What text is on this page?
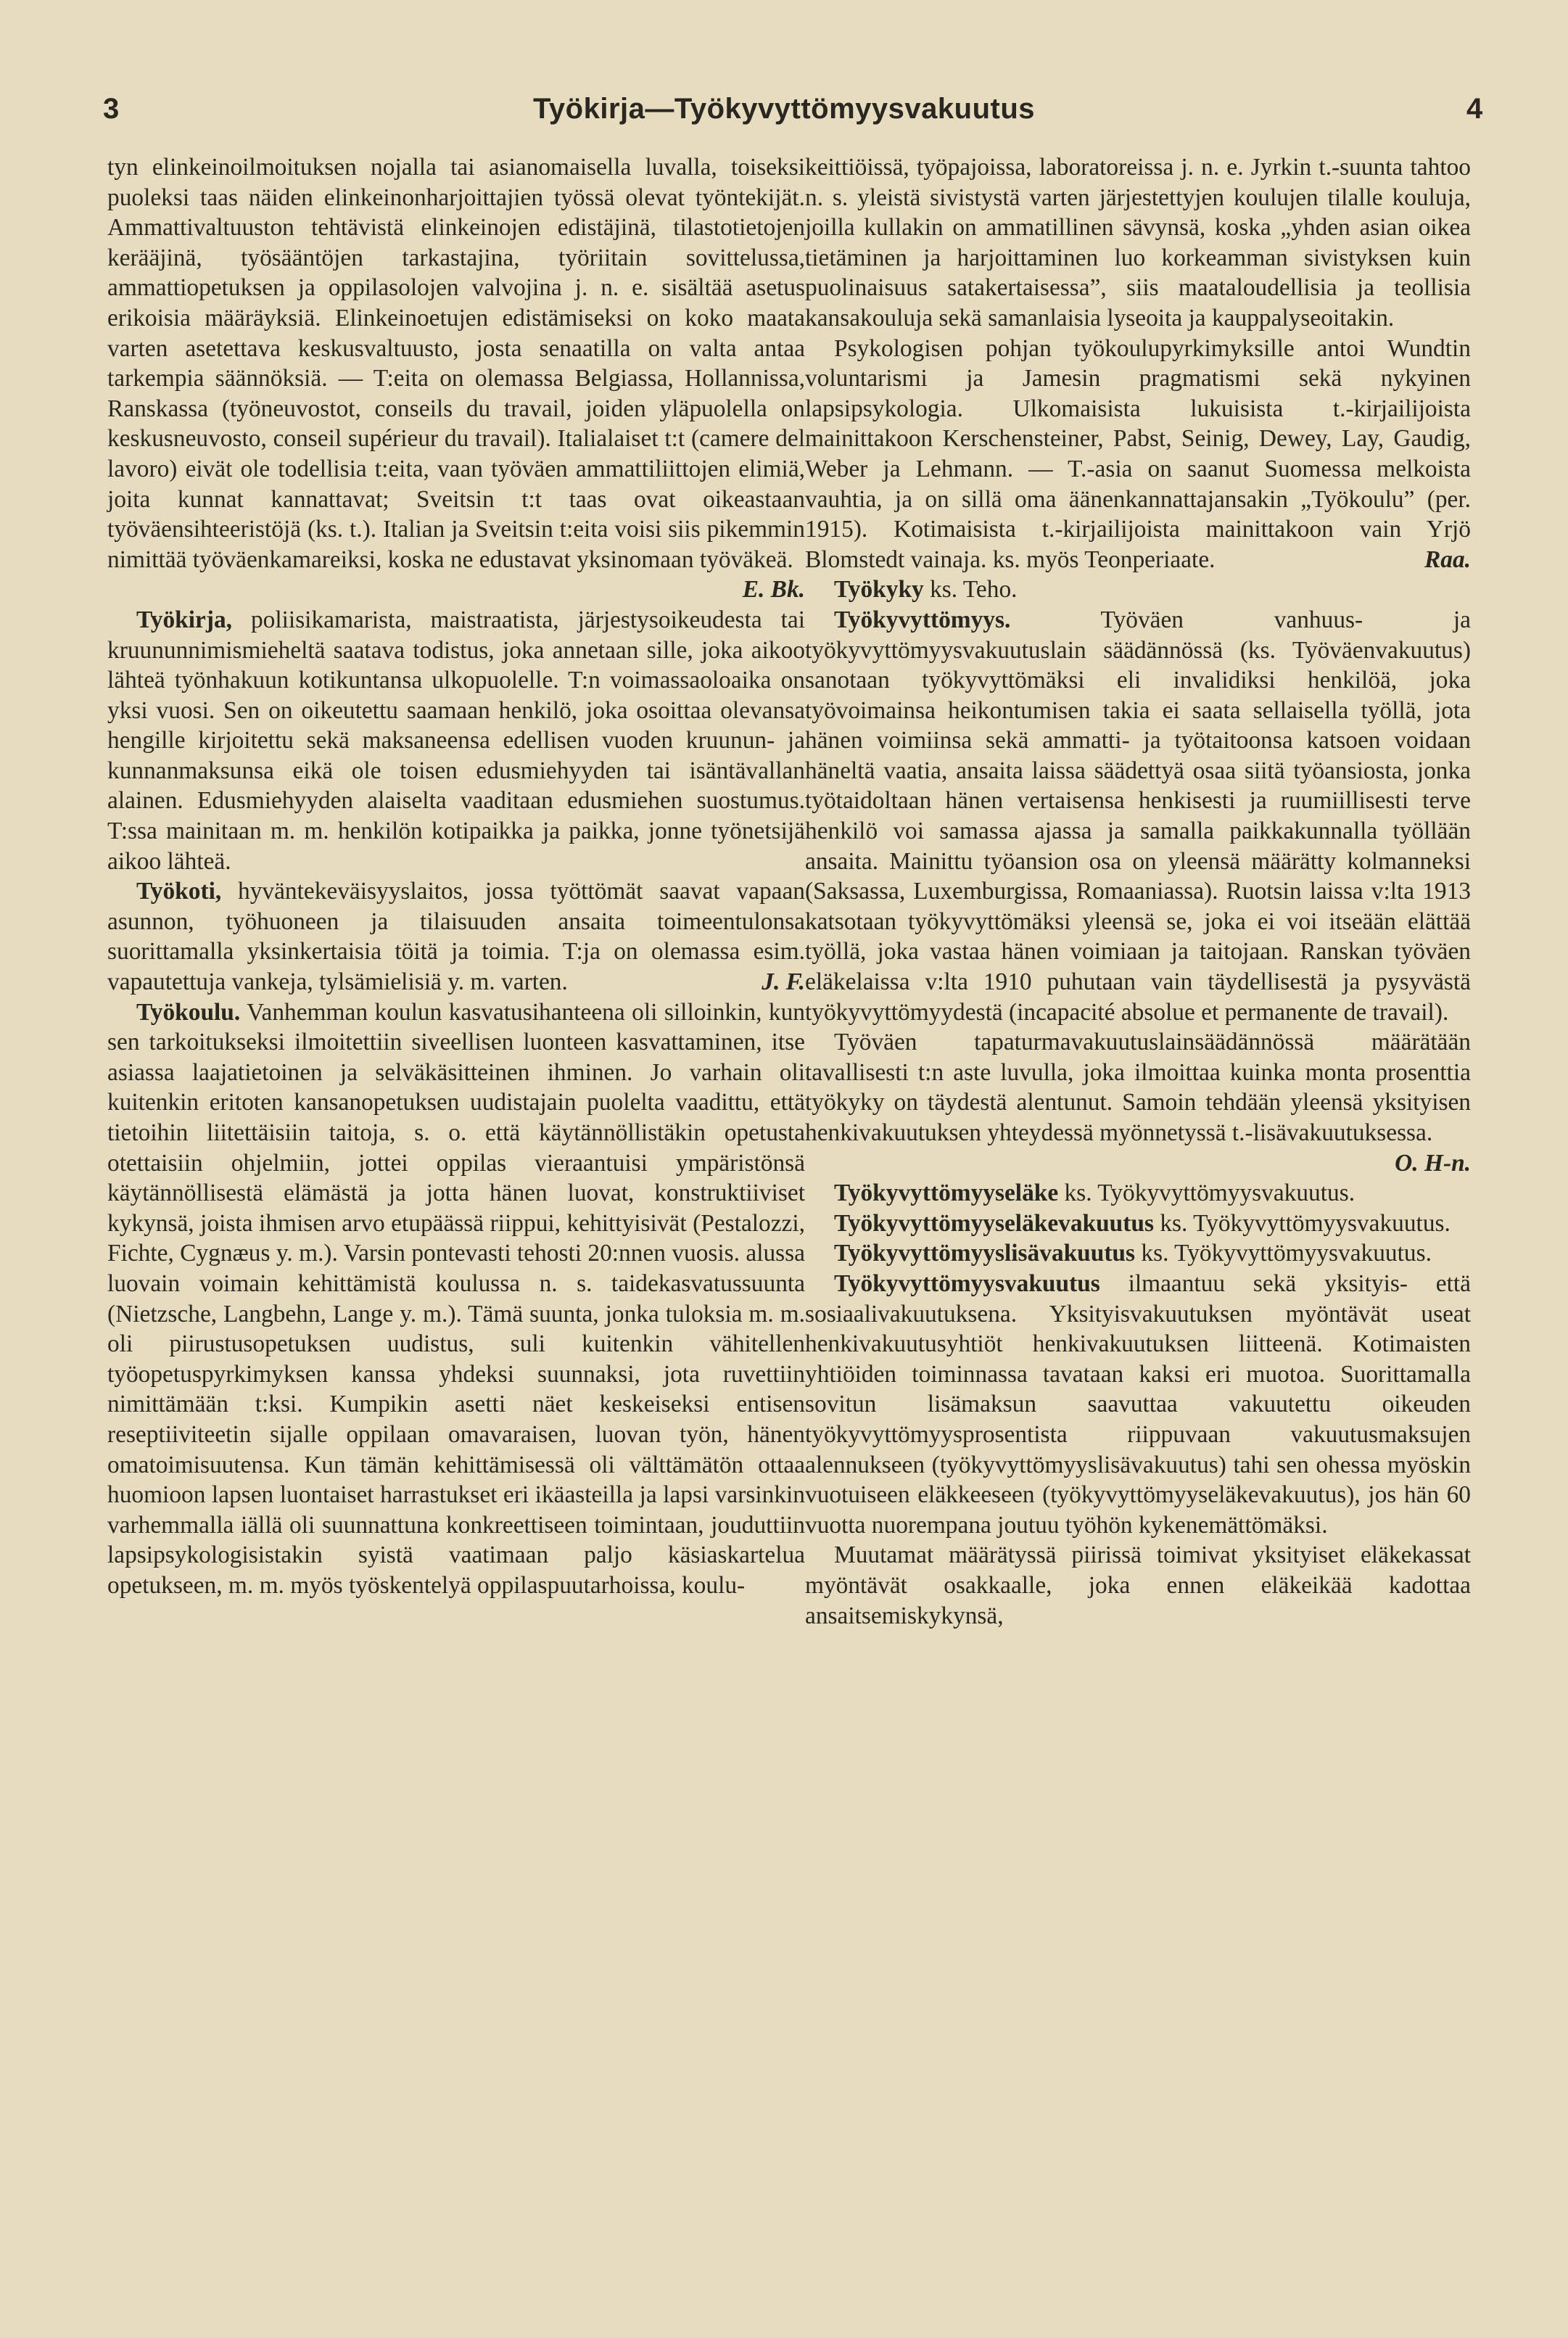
3	Työkirja—Työkyvyttömyysvakuutus	4

tyn elinkeinoilmoituksen nojalla tai asianomaisella luvalla, toiseksi puoleksi taas näiden elinkeinonharjoittajien työssä olevat työntekijät. Ammattivaltuuston tehtävistä elinkeinojen edistäjinä, tilastotietojen kerääjinä, työsääntöjen tarkastajina, työriitain sovittelussa, ammattiopetuksen ja oppilasolojen valvojina j. n. e. sisältää asetus erikoisia määräyksiä. Elinkeinoetujen edistämiseksi on koko maata varten asetettava keskusvaltuusto, josta senaatilla on valta antaa tarkempia säännöksiä. — T:eita on olemassa Belgiassa, Hollannissa, Ranskassa (työneuvostot, conseils du travail, joiden yläpuolella on keskusneuvosto, conseil supérieur du travail). Italialaiset t:t (camere del lavoro) eivät ole todellisia t:eita, vaan työväen ammattiliittojen elimiä, joita kunnat kannattavat; Sveitsin t:t taas ovat oikeastaan työväensihteeristöjä (ks. t.). Italian ja Sveitsin t:eita voisi siis pikemmin nimittää työväenkamareiksi, koska ne edustavat yksinomaan työväkeä.
E. Bk.

Työkirja, poliisikamarista, maistraatista, järjestysoikeudesta tai kruununnimismieheltä saatava todistus, joka annetaan sille, joka aikoo lähteä työnhakuun kotikuntansa ulkopuolelle. T:n voimassaoloaika on yksi vuosi. Sen on oikeutettu saamaan henkilö, joka osoittaa olevansa hengille kirjoitettu sekä maksaneensa edellisen vuoden kruunun- ja kunnanmaksunsa eikä ole toisen edusmiehyyden tai isäntävallan alainen. Edusmiehyyden alaiselta vaaditaan edusmiehen suostumus. T:ssa mainitaan m. m. henkilön kotipaikka ja paikka, jonne työnetsijä aikoo lähteä.

Työkoti, hyväntekeväisyyslaitos, jossa työttömät saavat vapaan asunnon, työhuoneen ja tilaisuuden ansaita toimeentulonsa suorittamalla yksinkertaisia töitä ja toimia. T:ja on olemassa esim. vapautettuja vankeja, tylsämielisiä y. m. varten.	J. F.

Työkoulu. Vanhemman koulun kasvatusihanteena oli silloinkin, kun sen tarkoitukseksi ilmoitettiin siveellisen luonteen kasvattaminen, itse asiassa laajatietoinen ja selväkäsitteinen ihminen. Jo varhain oli kuitenkin eritoten kansanopetuksen uudistajain puolelta vaadittu, että tietoihin liitettäisiin taitoja, s. o. että käytännöllistäkin opetusta otettaisiin ohjelmiin, jottei oppilas vieraantuisi ympäristönsä käytännöllisestä elämästä ja jotta hänen luovat, konstruktiiviset kykynsä, joista ihmisen arvo etupäässä riippui, kehittyisivät (Pestalozzi, Fichte, Cygnæus y. m.). Varsin pontevasti tehosti 20:nnen vuosis. alussa luovain voimain kehittämistä koulussa n. s. taidekasvatussuunta (Nietzsche, Langbehn, Lange y. m.). Tämä suunta, jonka tuloksia m. m. oli piirustusopetuksen uudistus, suli kuitenkin vähitellen työopetuspyrkimyksen kanssa yhdeksi suunnaksi, jota ruvettiin nimittämään t:ksi. Kumpikin asetti näet keskeiseksi entisen reseptiiviteetin sijalle oppilaan omavaraisen, luovan työn, hänen omatoimisuutensa. Kun tämän kehittämisessä oli välttämätön ottaa huomioon lapsen luontaiset harrastukset eri ikäasteilla ja lapsi varsinkin varhemmalla iällä oli suunnattuna konkreettiseen toimintaan, jouduttiin lapsipsykologisistakin syistä vaatimaan paljo käsiaskartelua opetukseen, m. m. myös työskentelyä oppilaspuutarhoissa, koulu-

keittiöissä, työpajoissa, laboratoreissa j. n. e. Jyrkin t.-suunta tahtoo n. s. yleistä sivistystä varten järjestettyjen koulujen tilalle kouluja, joilla kullakin on ammatillinen sävynsä, koska „yhden asian oikea tietäminen ja harjoittaminen luo korkeamman sivistyksen kuin puolinaisuus satakertaisessa”, siis maataloudellisia ja teollisia kansakouluja sekä samanlaisia lyseoita ja kauppalyseoitakin.

Psykologisen pohjan työkoulupyrkimyksille antoi Wundtin voluntarismi ja Jamesin pragmatismi sekä nykyinen lapsipsykologia. Ulkomaisista lukuisista t.-kirjailijoista mainittakoon Kerschensteiner, Pabst, Seinig, Dewey, Lay, Gaudig, Weber ja Lehmann. — T.-asia on saanut Suomessa melkoista vauhtia, ja on sillä oma äänenkannattajansakin „Työkoulu” (per. 1915). Kotimaisista t.-kirjailijoista mainittakoon vain Yrjö Blomstedt vainaja. ks. myös Teonperiaate.	Raa.

Työkyky ks. Teho.

Työkyvyttömyys.	Työväen vanhuus- ja työkyvyttömyysvakuutuslain säädännössä (ks. Työväenvakuutus) sanotaan työkyvyttömäksi eli invalidiksi henkilöä, joka työvoimainsa heikontumisen takia ei saata sellaisella työllä, jota hänen voimiinsa sekä ammatti- ja työtaitoonsa katsoen voidaan häneltä vaatia, ansaita laissa säädettyä osaa siitä työansiosta, jonka työtaidoltaan hänen vertaisensa henkisesti ja ruumiillisesti terve henkilö voi samassa ajassa ja samalla paikkakunnalla työllään ansaita. Mainittu työansion osa on yleensä määrätty kolmanneksi (Saksassa, Luxemburgissa, Romaaniassa). Ruotsin laissa v:lta 1913 katsotaan työkyvyttömäksi yleensä se, joka ei voi itseään elättää työllä, joka vastaa hänen voimiaan ja taitojaan. Ranskan työväen eläkelaissa v:lta 1910 puhutaan vain täydellisestä ja pysyvästä työkyvyttömyydestä (incapacité absolue et permanente de travail).

Työväen tapaturmavakuutuslainsäädännössä määrätään tavallisesti t:n aste luvulla, joka ilmoittaa kuinka monta prosenttia työkyky on täydestä alentunut. Samoin tehdään yleensä yksityisen henkivakuutuksen yhteydessä myönnetyssä t.-lisävakuutuksessa.
O. H-n.

Työkyvyttömyyseläke ks. Työkyvyttömyysvakuutus.

Työkyvyttömyyseläkevakuutus ks. Työkyvyttömyysvakuutus.

Työkyvyttömyyslisävakuutus ks. Työkyvyttömyysvakuutus.

Työkyvyttömyysvakuutus ilmaantuu sekä yksityis- että sosiaalivakuutuksena. Yksityisvakuutuksen myöntävät useat henkivakuutusyhtiöt henkivakuutuksen liitteenä. Kotimaisten yhtiöiden toiminnassa tavataan kaksi eri muotoa. Suorittamalla sovitun lisämaksun saavuttaa vakuutettu oikeuden työkyvyttömyysprosentista riippuvaan vakuutusmaksujen alennukseen (työkyvyttömyyslisävakuutus) tahi sen ohessa myöskin vuotuiseen eläkkeeseen (työkyvyttömyyseläkevakuutus), jos hän 60 vuotta nuorempana joutuu työhön kykenemättömäksi.

Muutamat määrätyssä piirissä toimivat yksityiset eläkekassat myöntävät osakkaalle, joka ennen eläkeikää kadottaa ansaitsemiskykynsä,
